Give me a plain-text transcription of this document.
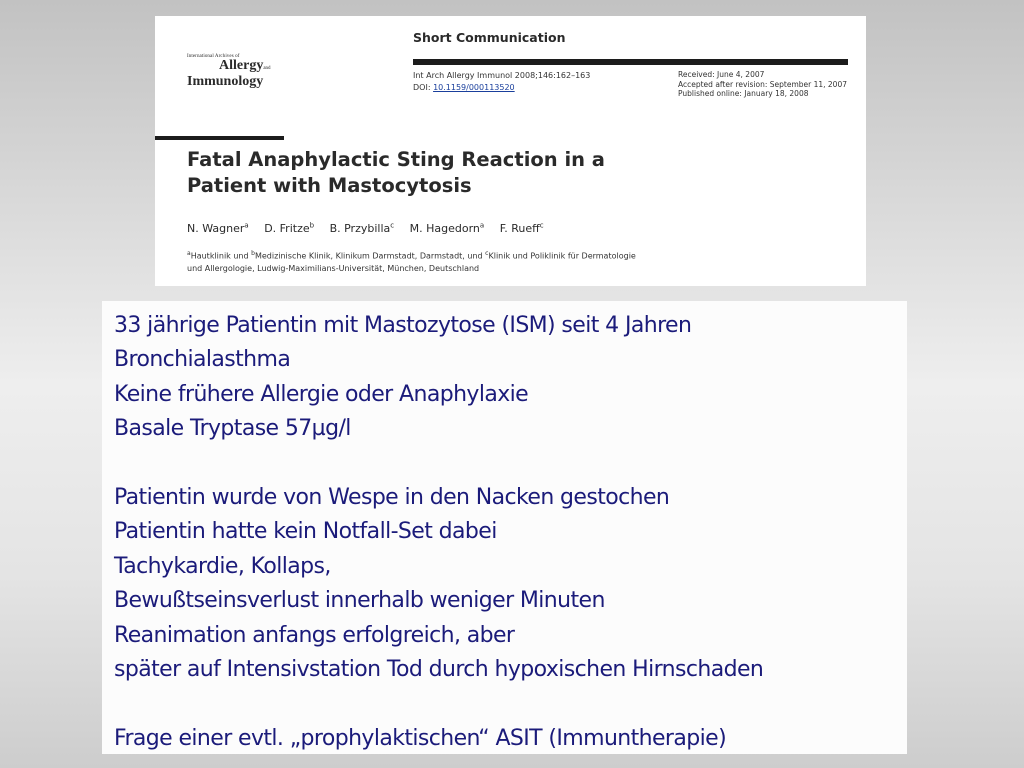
International Archives of
Allergyand
Immunology
Short Communication
Int Arch Allergy Immunol 2008;146:162–163
DOI: 10.1159/000113520
Received: June 4, 2007
Accepted after revision: September 11, 2007
Published online: January 18, 2008
Fatal Anaphylactic Sting Reaction in a
Patient with Mastocytosis
N. Wagner$^a$ D. Fritze$^b$ B. Przybilla$^c$ M. Hagedorn$^a$ F. Rueff$^c$
$^a$Hautklinik und $^b$Medizinische Klinik, Klinikum Darmstadt, Darmstadt, und $^c$Klinik und Poliklinik für Dermatologie
und Allergologie, Ludwig-Maximilians-Universität, München, Deutschland
33 jährige Patientin mit Mastozytose (ISM) seit 4 Jahren
Bronchialasthma
Keine frühere Allergie oder Anaphylaxie
Basale Tryptase 57µg/l
Patientin wurde von Wespe in den Nacken gestochen
Patientin hatte kein Notfall-Set dabei
Tachykardie, Kollaps,
Bewußtseinsverlust innerhalb weniger Minuten
Reanimation anfangs erfolgreich, aber
später auf Intensivstation Tod durch hypoxischen Hirnschaden
Frage einer evtl. „prophylaktischen“ ASIT (Immuntherapie)
